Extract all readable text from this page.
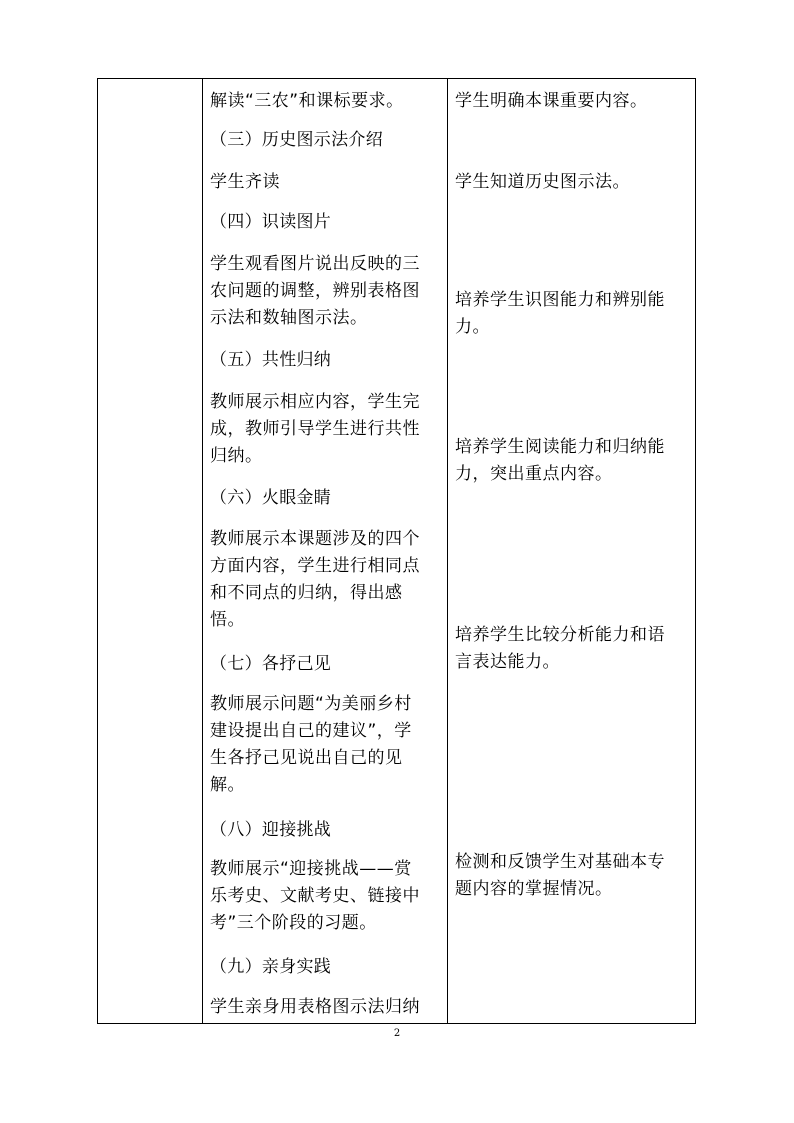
解读“三农”和课标要求。
（三）历史图示法介绍
学生齐读
（四）识读图片
学生观看图片说出反映的三
农问题的调整，辨别表格图
示法和数轴图示法。
（五）共性归纳
教师展示相应内容，学生完
成，教师引导学生进行共性
归纳。
（六）火眼金睛
教师展示本课题涉及的四个
方面内容，学生进行相同点
和不同点的归纳，得出感
悟。
（七）各抒己见
教师展示问题“为美丽乡村
建设提出自己的建议”，学
生各抒己见说出自己的见
解。
（八）迎接挑战
教师展示“迎接挑战——赏
乐考史、文献考史、链接中
考”三个阶段的习题。
（九）亲身实践
学生亲身用表格图示法归纳
学生明确本课重要内容。
学生知道历史图示法。
培养学生识图能力和辨别能
力。
培养学生阅读能力和归纳能
力，突出重点内容。
培养学生比较分析能力和语
言表达能力。
检测和反馈学生对基础本专
题内容的掌握情况。
2
